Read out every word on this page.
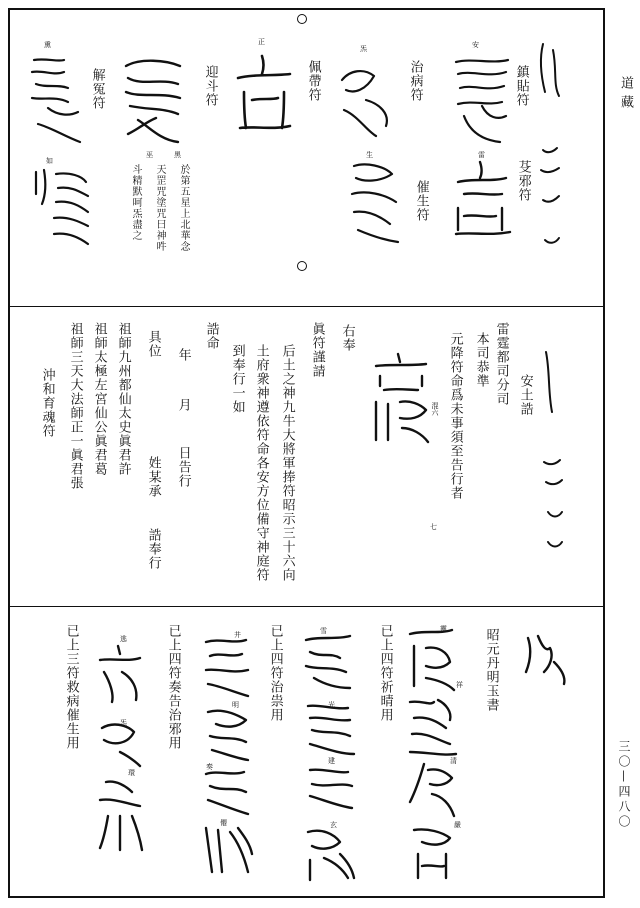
道藏
三〇—四八〇
鎮貼符
治病符
佩帶符
迎斗符
解冤符
芟邪符
催生符
安
炁
正
熏
雷
生
如
巫	黑
於第五星上北華念
天罡咒塗咒曰神吽
斗精默呵炁盡之
安土誥
雷霆都司分司
本司恭準
元降符命爲未事須至告行者
混六
七
右奉
眞符謹請
后土之神九牛大將軍捧符昭示三十六向
土府衆神遵依符命各安方位備守神庭符
到奉行一如
誥命
年
月
日告行
具位
姓某承
誥奉行
祖師九州都仙太史眞君許
祖師太極左宮仙公眞君葛
祖師三天大法師正一眞君張
沖和育魂符
昭元丹明玉書
已上四符祈晴用
已上四符治祟用
已上四符奏告治邪用
已上三符救病催生用	靈
祥
清
嚴
雪
光
建
玄
井
明
奏
僊
逃
炁
環
